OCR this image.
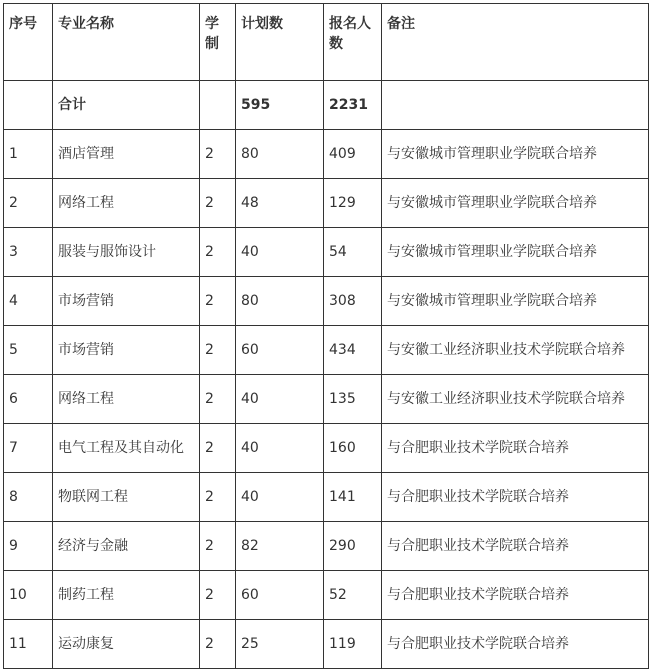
序号	专业名称	学制	计划数	报名人数	备注
	合计		595	2231	
1	酒店管理	2	80	409	与安徽城市管理职业学院联合培养
2	网络工程	2	48	129	与安徽城市管理职业学院联合培养
3	服装与服饰设计	2	40	54	与安徽城市管理职业学院联合培养
4	市场营销	2	80	308	与安徽城市管理职业学院联合培养
5	市场营销	2	60	434	与安徽工业经济职业技术学院联合培养
6	网络工程	2	40	135	与安徽工业经济职业技术学院联合培养
7	电气工程及其自动化	2	40	160	与合肥职业技术学院联合培养
8	物联网工程	2	40	141	与合肥职业技术学院联合培养
9	经济与金融	2	82	290	与合肥职业技术学院联合培养
10	制药工程	2	60	52	与合肥职业技术学院联合培养
11	运动康复	2	25	119	与合肥职业技术学院联合培养
